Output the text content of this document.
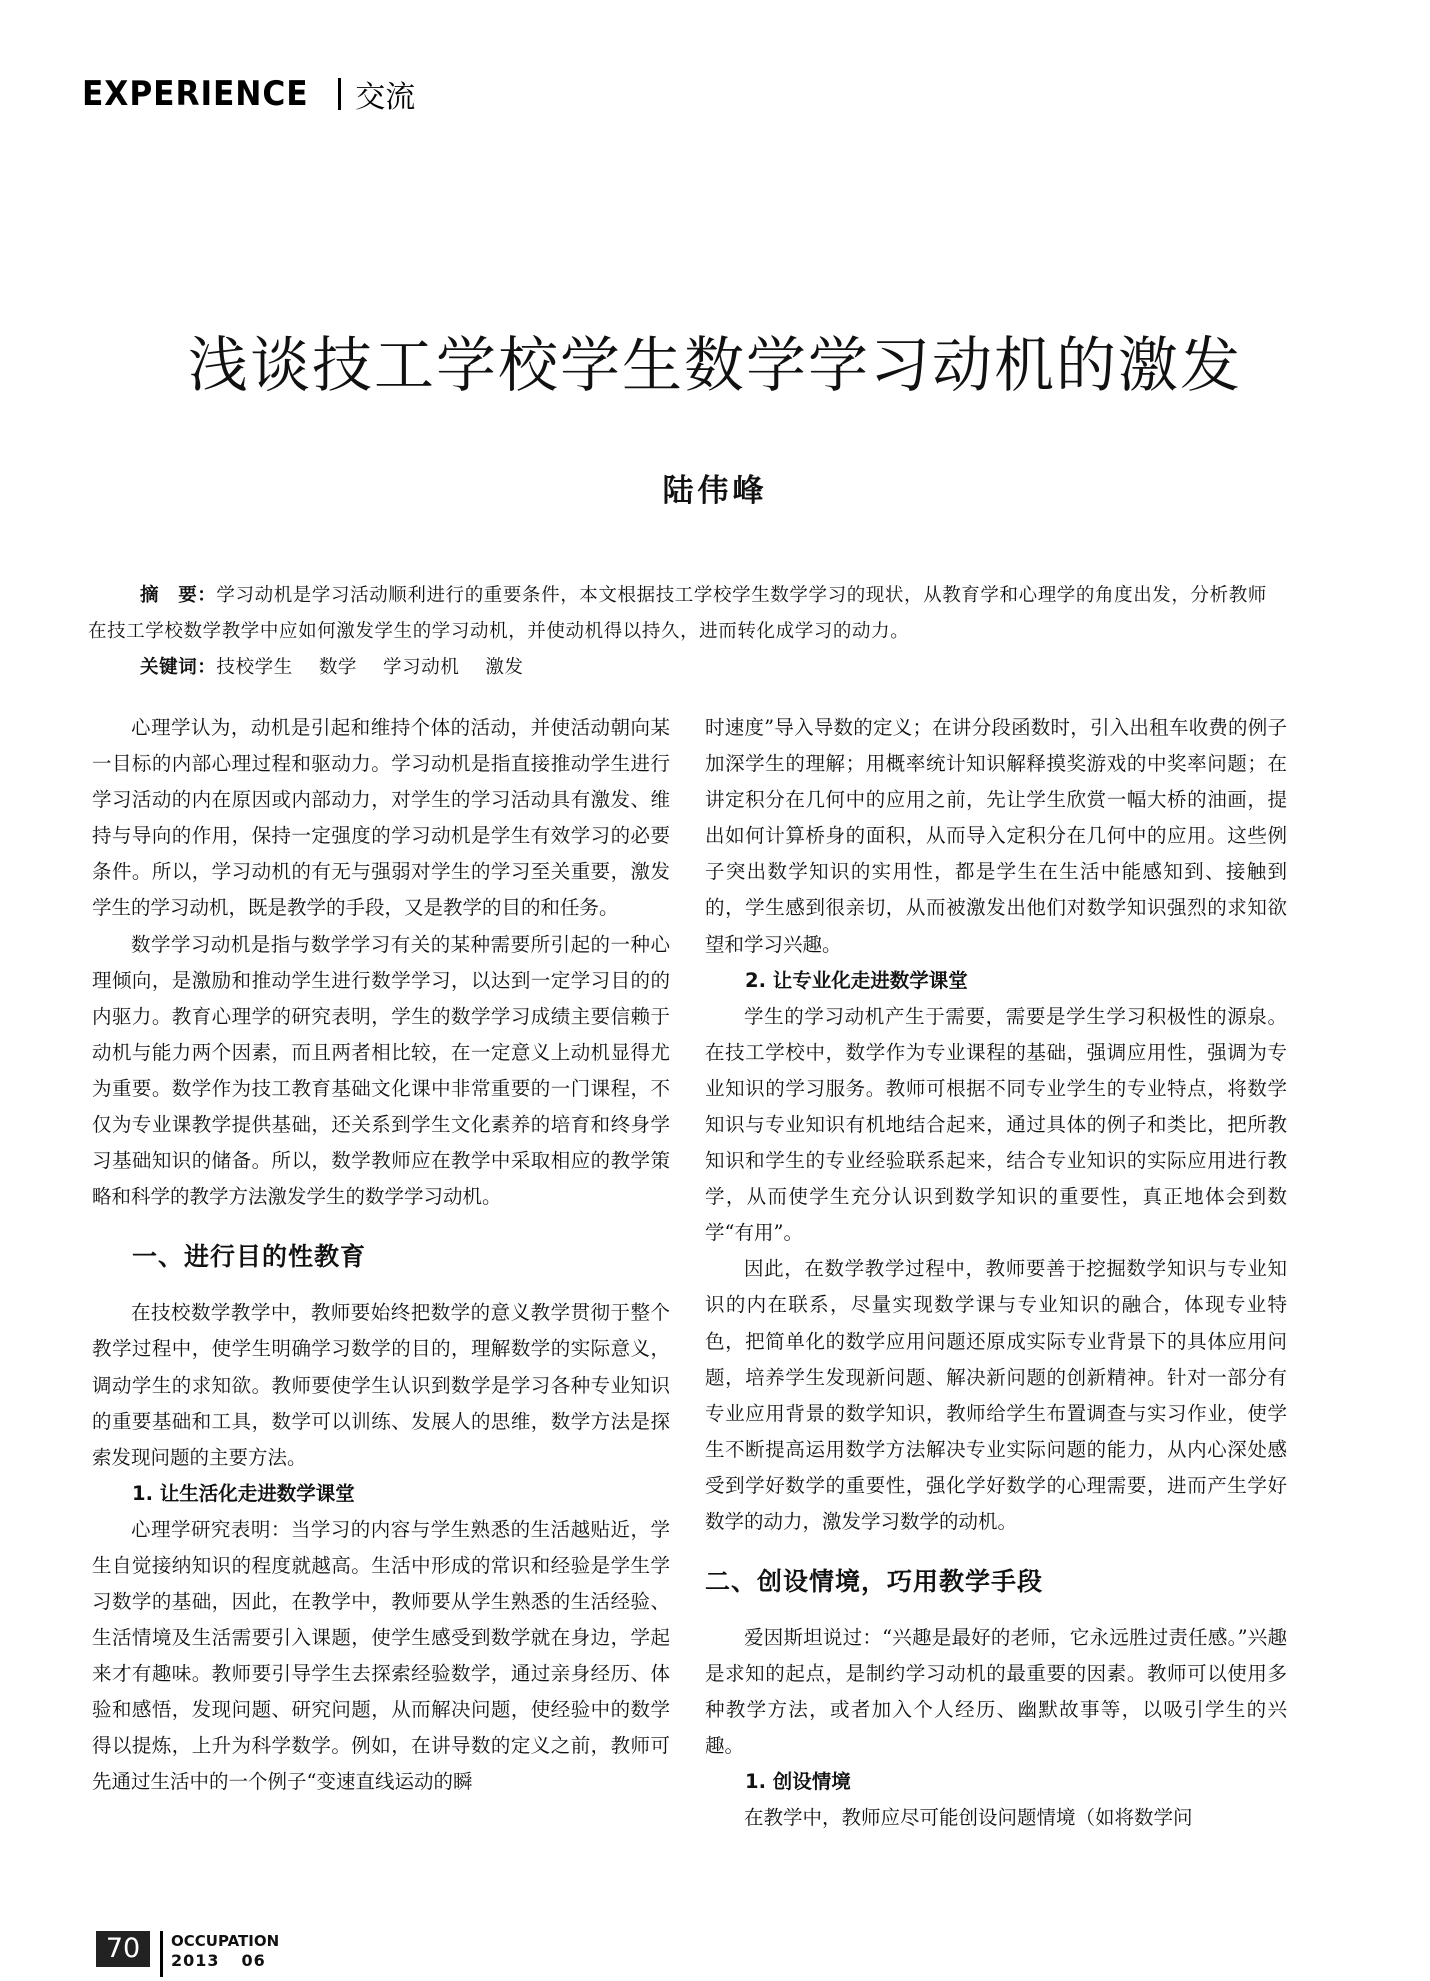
EXPERIENCE 交流
浅谈技工学校学生数学学习动机的激发
陆伟峰
摘　要：学习动机是学习活动顺利进行的重要条件，本文根据技工学校学生数学学习的现状，从教育学和心理学的角度出发，分析教师在技工学校数学教学中应如何激发学生的学习动机，并使动机得以持久，进而转化成学习的动力。
关键词：技校学生 数学 学习动机 激发

心理学认为，动机是引起和维持个体的活动，并使活动朝向某一目标的内部心理过程和驱动力。学习动机是指直接推动学生进行学习活动的内在原因或内部动力，对学生的学习活动具有激发、维持与导向的作用，保持一定强度的学习动机是学生有效学习的必要条件。所以，学习动机的有无与强弱对学生的学习至关重要，激发学生的学习动机，既是教学的手段，又是教学的目的和任务。

数学学习动机是指与数学学习有关的某种需要所引起的一种心理倾向，是激励和推动学生进行数学学习，以达到一定学习目的的内驱力。教育心理学的研究表明，学生的数学学习成绩主要信赖于动机与能力两个因素，而且两者相比较，在一定意义上动机显得尤为重要。数学作为技工教育基础文化课中非常重要的一门课程，不仅为专业课教学提供基础，还关系到学生文化素养的培育和终身学习基础知识的储备。所以，数学教师应在教学中采取相应的教学策略和科学的教学方法激发学生的数学学习动机。

一、进行目的性教育

在技校数学教学中，教师要始终把数学的意义教学贯彻于整个教学过程中，使学生明确学习数学的目的，理解数学的实际意义，调动学生的求知欲。教师要使学生认识到数学是学习各种专业知识的重要基础和工具，数学可以训练、发展人的思维，数学方法是探索发现问题的主要方法。

1. 让生活化走进数学课堂

心理学研究表明：当学习的内容与学生熟悉的生活越贴近，学生自觉接纳知识的程度就越高。生活中形成的常识和经验是学生学习数学的基础，因此，在教学中，教师要从学生熟悉的生活经验、生活情境及生活需要引入课题，使学生感受到数学就在身边，学起来才有趣味。教师要引导学生去探索经验数学，通过亲身经历、体验和感悟，发现问题、研究问题，从而解决问题，使经验中的数学得以提炼，上升为科学数学。例如，在讲导数的定义之前，教师可先通过生活中的一个例子“变速直线运动的瞬

时速度”导入导数的定义；在讲分段函数时，引入出租车收费的例子加深学生的理解；用概率统计知识解释摸奖游戏的中奖率问题；在讲定积分在几何中的应用之前，先让学生欣赏一幅大桥的油画，提出如何计算桥身的面积，从而导入定积分在几何中的应用。这些例子突出数学知识的实用性，都是学生在生活中能感知到、接触到的，学生感到很亲切，从而被激发出他们对数学知识强烈的求知欲望和学习兴趣。

2. 让专业化走进数学课堂

学生的学习动机产生于需要，需要是学生学习积极性的源泉。在技工学校中，数学作为专业课程的基础，强调应用性，强调为专业知识的学习服务。教师可根据不同专业学生的专业特点，将数学知识与专业知识有机地结合起来，通过具体的例子和类比，把所教知识和学生的专业经验联系起来，结合专业知识的实际应用进行教学，从而使学生充分认识到数学知识的重要性，真正地体会到数学“有用”。

因此，在数学教学过程中，教师要善于挖掘数学知识与专业知识的内在联系，尽量实现数学课与专业知识的融合，体现专业特色，把简单化的数学应用问题还原成实际专业背景下的具体应用问题，培养学生发现新问题、解决新问题的创新精神。针对一部分有专业应用背景的数学知识，教师给学生布置调查与实习作业，使学生不断提高运用数学方法解决专业实际问题的能力，从内心深处感受到学好数学的重要性，强化学好数学的心理需要，进而产生学好数学的动力，激发学习数学的动机。

二、创设情境，巧用教学手段

爱因斯坦说过：“兴趣是最好的老师，它永远胜过责任感。”兴趣是求知的起点，是制约学习动机的最重要的因素。教师可以使用多种教学方法，或者加入个人经历、幽默故事等，以吸引学生的兴趣。

1. 创设情境

在教学中，教师应尽可能创设问题情境（如将数学问

70	OCCUPATION
2013 06
